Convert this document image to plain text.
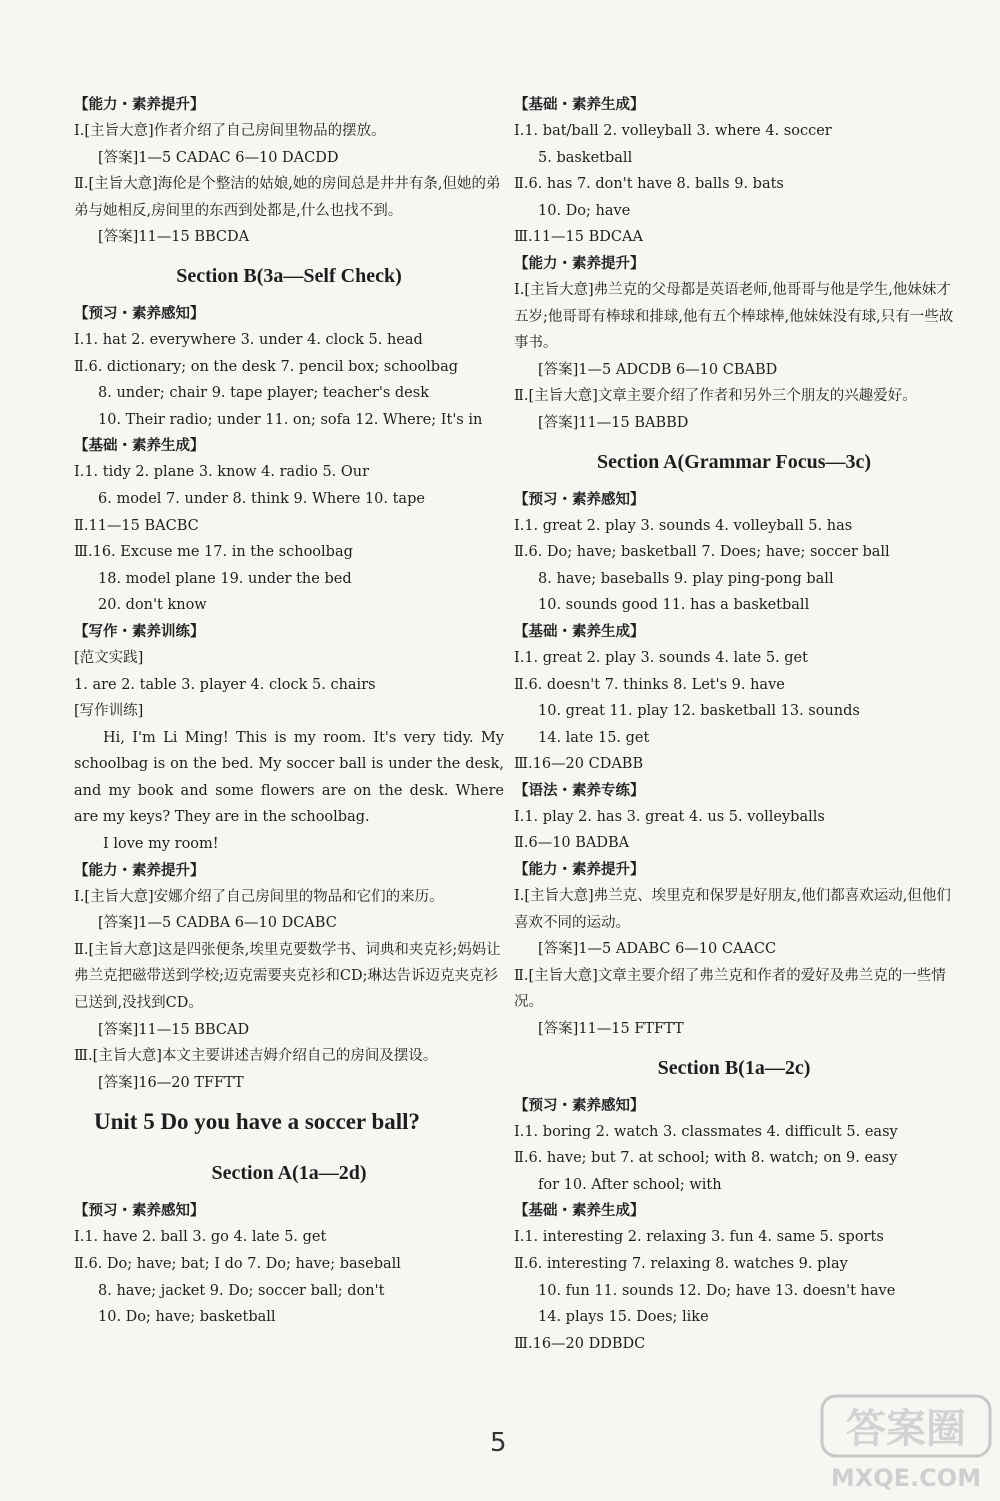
【能力・素养提升】
Ⅰ.[主旨大意]作者介绍了自己房间里物品的摆放。
[答案]1—5 CADAC 6—10 DACDD
Ⅱ.[主旨大意]海伦是个整洁的姑娘,她的房间总是井井有条,但她的弟弟与她相反,房间里的东西到处都是,什么也找不到。
[答案]11—15 BBCDA
Section B(3a—Self Check)
【预习・素养感知】
Ⅰ.1. hat 2. everywhere 3. under 4. clock 5. head
Ⅱ.6. dictionary; on the desk 7. pencil box; schoolbag
8. under; chair 9. tape player; teacher's desk
10. Their radio; under 11. on; sofa 12. Where; It's in
【基础・素养生成】
Ⅰ.1. tidy 2. plane 3. know 4. radio 5. Our
6. model 7. under 8. think 9. Where 10. tape
Ⅱ.11—15 BACBC
Ⅲ.16. Excuse me 17. in the schoolbag
18. model plane 19. under the bed
20. don't know
【写作・素养训练】
[范文实践]
1. are 2. table 3. player 4. clock 5. chairs
[写作训练]
Hi, I'm Li Ming! This is my room. It's very tidy. My schoolbag is on the bed. My soccer ball is under the desk, and my book and some flowers are on the desk. Where are my keys? They are in the schoolbag.
I love my room!
【能力・素养提升】
Ⅰ.[主旨大意]安娜介绍了自己房间里的物品和它们的来历。
[答案]1—5 CADBA 6—10 DCABC
Ⅱ.[主旨大意]这是四张便条,埃里克要数学书、词典和夹克衫;妈妈让弗兰克把磁带送到学校;迈克需要夹克衫和CD;琳达告诉迈克夹克衫已送到,没找到CD。
[答案]11—15 BBCAD
Ⅲ.[主旨大意]本文主要讲述吉姆介绍自己的房间及摆设。
[答案]16—20 TFFTT
Unit 5 Do you have a soccer ball?
Section A(1a—2d)
【预习・素养感知】
Ⅰ.1. have 2. ball 3. go 4. late 5. get
Ⅱ.6. Do; have; bat; I do 7. Do; have; baseball
8. have; jacket 9. Do; soccer ball; don't
10. Do; have; basketball
【基础・素养生成】
Ⅰ.1. bat/ball 2. volleyball 3. where 4. soccer
5. basketball
Ⅱ.6. has 7. don't have 8. balls 9. bats
10. Do; have
Ⅲ.11—15 BDCAA
【能力・素养提升】
Ⅰ.[主旨大意]弗兰克的父母都是英语老师,他哥哥与他是学生,他妹妹才五岁;他哥哥有棒球和排球,他有五个棒球棒,他妹妹没有球,只有一些故事书。
[答案]1—5 ADCDB 6—10 CBABD
Ⅱ.[主旨大意]文章主要介绍了作者和另外三个朋友的兴趣爱好。
[答案]11—15 BABBD
Section A(Grammar Focus—3c)
【预习・素养感知】
Ⅰ.1. great 2. play 3. sounds 4. volleyball 5. has
Ⅱ.6. Do; have; basketball 7. Does; have; soccer ball
8. have; baseballs 9. play ping-pong ball
10. sounds good 11. has a basketball
【基础・素养生成】
Ⅰ.1. great 2. play 3. sounds 4. late 5. get
Ⅱ.6. doesn't 7. thinks 8. Let's 9. have
10. great 11. play 12. basketball 13. sounds
14. late 15. get
Ⅲ.16—20 CDABB
【语法・素养专练】
Ⅰ.1. play 2. has 3. great 4. us 5. volleyballs
Ⅱ.6—10 BADBA
【能力・素养提升】
Ⅰ.[主旨大意]弗兰克、埃里克和保罗是好朋友,他们都喜欢运动,但他们喜欢不同的运动。
[答案]1—5 ADABC 6—10 CAACC
Ⅱ.[主旨大意]文章主要介绍了弗兰克和作者的爱好及弗兰克的一些情况。
[答案]11—15 FTFTT
Section B(1a—2c)
【预习・素养感知】
Ⅰ.1. boring 2. watch 3. classmates 4. difficult 5. easy
Ⅱ.6. have; but 7. at school; with 8. watch; on 9. easy
for 10. After school; with
【基础・素养生成】
Ⅰ.1. interesting 2. relaxing 3. fun 4. same 5. sports
Ⅱ.6. interesting 7. relaxing 8. watches 9. play
10. fun 11. sounds 12. Do; have 13. doesn't have
14. plays 15. Does; like
Ⅲ.16—20 DDBDC
5	答案圈
MXQE.COM
